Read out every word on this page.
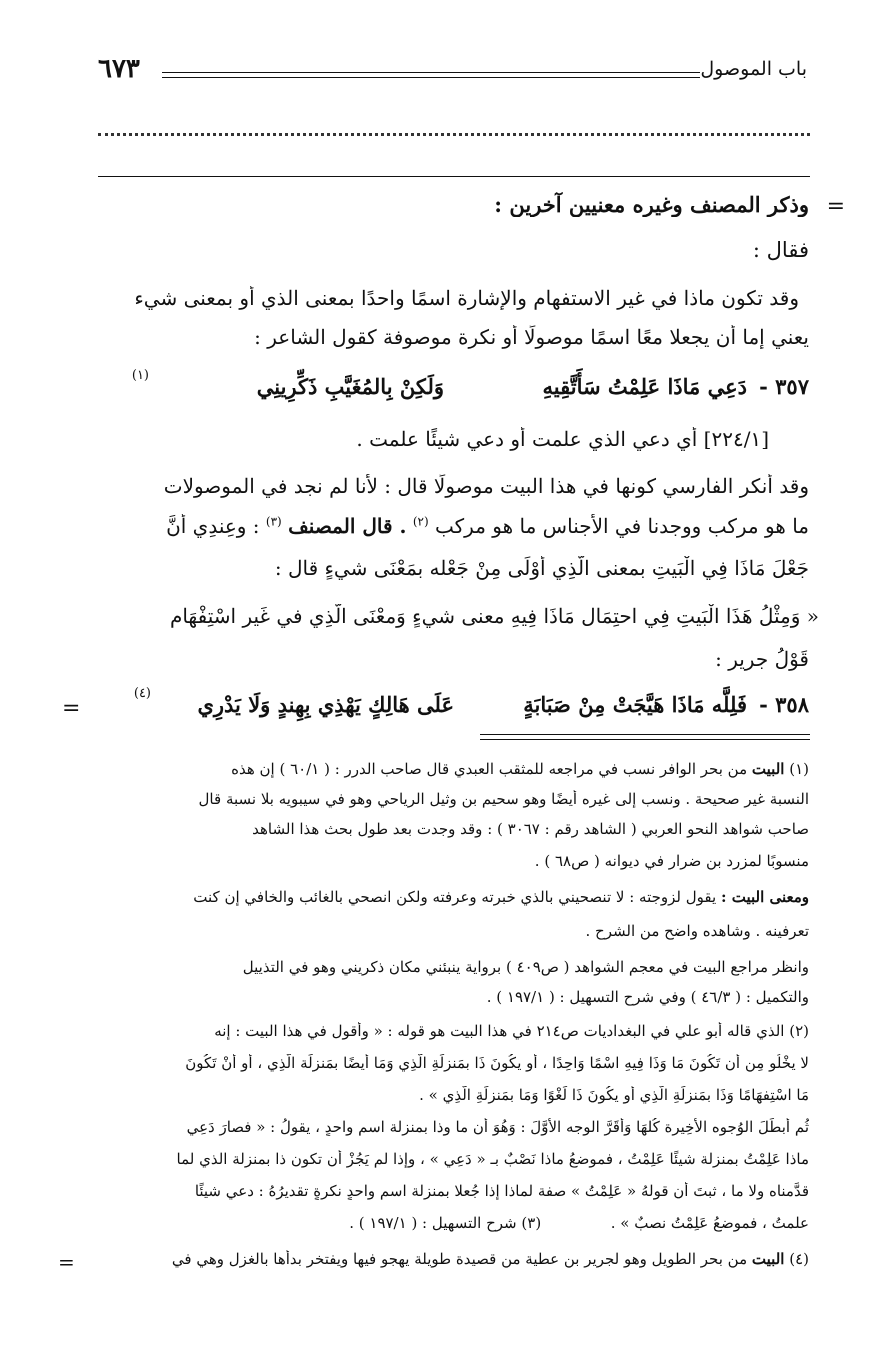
باب الموصول
٦٧٣
=
وذكر المصنف وغيره معنيين آخرين :
فقال :
وقد تكون ماذا في غير الاستفهام والإشارة اسمًا واحدًا بمعنى الذي أو بمعنى شيء
يعني إما أن يجعلا معًا اسمًا موصولًا أو نكرة موصوفة كقول الشاعر :
٣٥٧ -
دَعِي مَاذَا عَلِمْتُ سَأَتَّقِيهِ
وَلَكِنْ بِالمُغَيَّبِ ذَكِّرِينِي
(١)
[٢٢٤/١] أي دعي الذي علمت أو دعي شيئًا علمت .
وقد أنكر الفارسي كونها في هذا البيت موصولًا قال : لأنا لم نجد في الموصولات
ما هو مركب ووجدنا في الأجناس ما هو مركب $^{(٢)}$ . قال المصنف $^{(٣)}$ : وعِندِي أَنَّ
جَعْلَ مَاذَا فِي الْبَيتِ بمعنى الَّذِي أَوْلَى مِنْ جَعْله بمَعْنَى شيءٍ قال :
« وَمِثْلُ هَذَا الْبَيتِ فِي احتِمَالِ مَاذَا فِيهِ معنى شيءٍ وَمعْنَى الَّذِي في غَيرِ اسْتِفْهَامِ
قَوْلُ جرِيرٍ :
=	٣٥٨ -
فَلِلَّه مَاذَا هَيَّجَتْ مِنْ صَبَابَةٍ
عَلَى هَالِكٍ يَهْذِي بِهِندٍ وَلَا يَدْرِي
(٤)
(١) البيت من بحر الوافر نسب في مراجعه للمثقب العبدي قال صاحب الدرر : ( ٦٠/١ ) إن هذه
النسبة غير صحيحة . ونسب إلى غيره أيضًا وهو سحيم بن وثيل الرياحي وهو في سيبويه بلا نسبة قال
صاحب شواهد النحو العربي ( الشاهد رقم : ٣٠٦٧ ) : وقد وجدت بعد طول بحث هذا الشاهد
منسوبًا لمزرد بن ضرار في ديوانه ( ص٦٨ ) .
ومعنى البيت : يقول لزوجته : لا تنصحيني بالذي خبرته وعرفته ولكن انصحي بالغائب والخافي إن كنت
تعرفينه . وشاهده واضح من الشرح .
وانظر مراجع البيت في معجم الشواهد ( ص٤٠٩ ) برواية ينبئني مكان ذكريني وهو في التذييل
والتكميل : ( ٤٦/٣ ) وفي شرح التسهيل : ( ١٩٧/١ ) .
(٢) الذي قاله أبو علي في البغداديات ص٢١٤ في هذا البيت هو قوله : « وأقول في هذا البيت : إنه
لا يخْلُو مِن أن تَكُونَ مَا وَذَا فِيهِ اسْمًا وَاحِدًا ، أو يكُونَ ذَا بمَنزلَةِ الَّذِي وَمَا أَيضًا بمَنزلَة الَّذِي ، أو أَنْ تَكُونَ
مَا اسْتِفهَامًا وَذَا بمَنزلَةِ الَّذِي أَو يكُونَ ذَا لَغْوًا وَمَا بمَنزلَةِ الَّذِي » .
ثُم أَبطَلَ الوُجوه الأَخِيرة كُلهَا وَأَقَرَّ الوجه الأَوَّلَ : وَهُوَ أَن ما وذا بمنزلة اسم واحدٍ ، يقولُ : « فصارَ دَعِي
ماذا عَلِمْتُ بمنزلة شيئًا عَلِمْتُ ، فموضعُ ماذا نَصْبٌ بـ « دَعِي » ، وإذا لم يَجُزْ أن تكون ذا بمنزلة الذي لما
قدَّمناه ولا ما ، ثبتَ أن قولهُ « عَلِمْتُ » صفة لماذا إذا جُعلا بمنزلة اسم واحدٍ نكرةٍ تقديرُهُ : دعي شيئًا
علمتُ ، فموضعُ عَلِمْتُ نصبٌ » .  (٣) شرح التسهيل : ( ١٩٧/١ ) .
=	(٤) البيت من بحر الطويل وهو لجرير بن عطية من قصيدة طويلة يهجو فيها ويفتخر بدأها بالغزل وهي في
